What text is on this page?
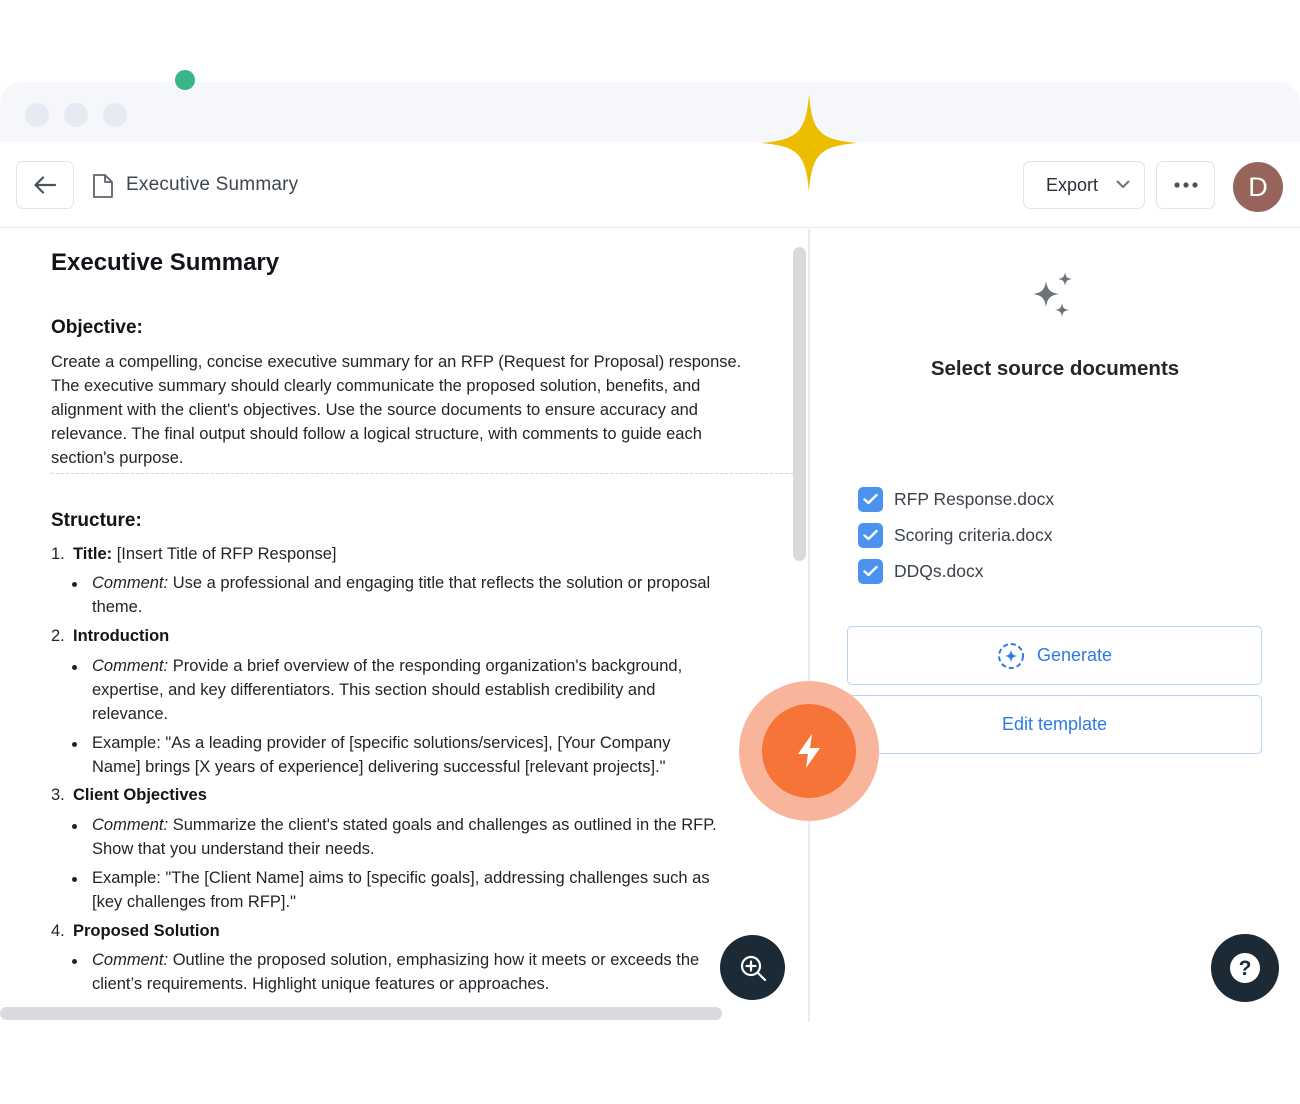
Executive Summary	Export	D
Executive Summary
Objective:
Create a compelling, concise executive summary for an RFP (Request for Proposal) response.
The executive summary should clearly communicate the proposed solution, benefits, and
alignment with the client's objectives. Use the source documents to ensure accuracy and
relevance. The final output should follow a logical structure, with comments to guide each
section's purpose.
Structure:
1. Title: [Insert Title of RFP Response]
Comment: Use a professional and engaging title that reflects the solution or proposal
theme.
2. Introduction
Comment: Provide a brief overview of the responding organization's background,
expertise, and key differentiators. This section should establish credibility and
relevance.
Example: "As a leading provider of [specific solutions/services], [Your Company
Name] brings [X years of experience] delivering successful [relevant projects]."
3. Client Objectives
Comment: Summarize the client's stated goals and challenges as outlined in the RFP.
Show that you understand their needs.
Example: "The [Client Name] aims to [specific goals], addressing challenges such as
[key challenges from RFP]."
4. Proposed Solution
Comment: Outline the proposed solution, emphasizing how it meets or exceeds the
client’s requirements. Highlight unique features or approaches.
Select source documents
RFP Response.docx
Scoring criteria.docx
DDQs.docx
Generate
Edit template
?
